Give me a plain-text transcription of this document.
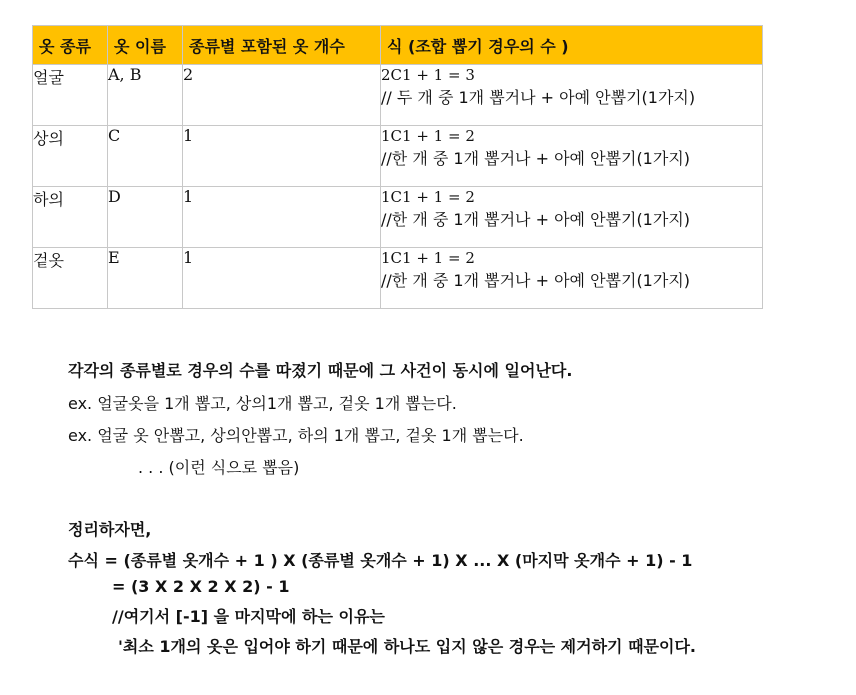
옷 종류	옷 이름	종류별 포함된 옷 개수	식 (조합 뽑기 경우의 수 )
얼굴	A, B	2	2C1 + 1 = 3
// 두 개 중 1개 뽑거나 + 아예 안뽑기(1가지)

상의	C	1	1C1 + 1 = 2
//한 개 중 1개 뽑거나 + 아예 안뽑기(1가지)

하의	D	1	1C1 + 1 = 2
//한 개 중 1개 뽑거나 + 아예 안뽑기(1가지)

겉옷	E	1	1C1 + 1 = 2
//한 개 중 1개 뽑거나 + 아예 안뽑기(1가지)
각각의 종류별로 경우의 수를 따졌기 때문에 그 사건이 동시에 일어난다.
ex. 얼굴옷을 1개 뽑고, 상의1개 뽑고, 겉옷 1개 뽑는다.
ex. 얼굴 옷 안뽑고, 상의안뽑고, 하의 1개 뽑고, 겉옷 1개 뽑는다.
. . . (이런 식으로 뽑음)
정리하자면,
수식 = (종류별 옷개수 + 1 ) X (종류별 옷개수 + 1) X ... X (마지막 옷개수 + 1) - 1
= (3 X 2 X 2 X 2) - 1
//여기서 [-1] 을 마지막에 하는 이유는
'최소 1개의 옷은 입어야 하기 때문에 하나도 입지 않은 경우는 제거하기 때문이다.
